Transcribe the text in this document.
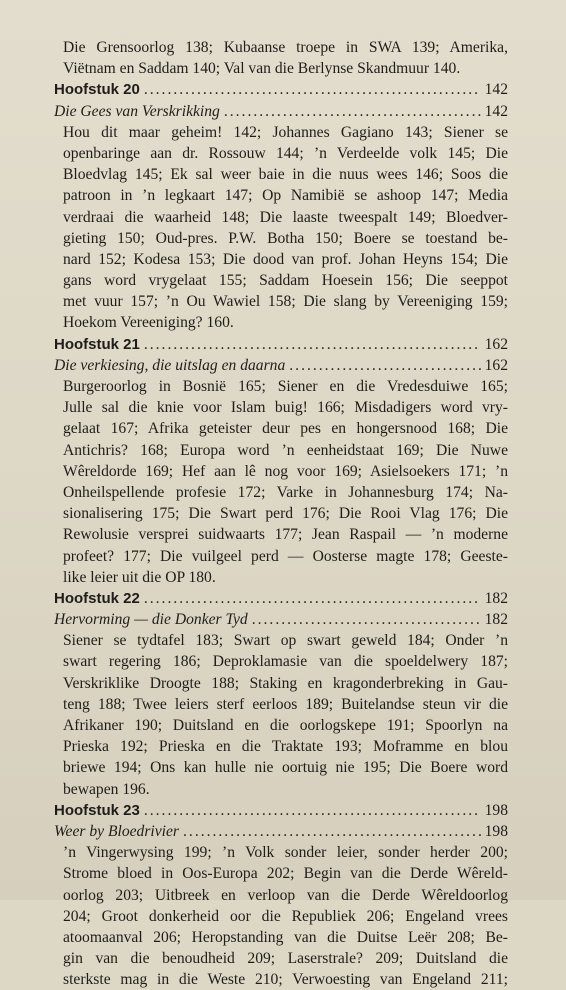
Die Grensoorlog 138; Kubaanse troepe in SWA 139; Amerika,
Viëtnam en Saddam 140; Val van die Berlynse Skandmuur 140.
Hoofstuk 20 .....	142
Die Gees van Verskrikking .....	142
Hou dit maar geheim! 142; Johannes Gagiano 143; Siener se
openbaringe aan dr. Rossouw 144; ’n Verdeelde volk 145; Die
Bloedvlag 145; Ek sal weer baie in die nuus wees 146; Soos die
patroon in ’n legkaart 147; Op Namibië se ashoop 147; Media
verdraai die waarheid 148; Die laaste tweespalt 149; Bloedver-
gieting 150; Oud-pres. P.W. Botha 150; Boere se toestand be-
nard 152; Kodesa 153; Die dood van prof. Johan Heyns 154; Die
gans word vrygelaat 155; Saddam Hoesein 156; Die seeppot
met vuur 157; ’n Ou Wawiel 158; Die slang by Vereeniging 159;
Hoekom Vereeniging? 160.
Hoofstuk 21 .....	162
Die verkiesing, die uitslag en daarna .....	162
Burgeroorlog in Bosnië 165; Siener en die Vredesduiwe 165;
Julle sal die knie voor Islam buig! 166; Misdadigers word vry-
gelaat 167; Afrika geteister deur pes en hongersnood 168; Die
Antichris? 168; Europa word ’n eenheidstaat 169; Die Nuwe
Wêreldorde 169; Hef aan lê nog voor 169; Asielsoekers 171; ’n
Onheilspellende profesie 172; Varke in Johannesburg 174; Na-
sionalisering 175; Die Swart perd 176; Die Rooi Vlag 176; Die
Rewolusie versprei suidwaarts 177; Jean Raspail — ’n moderne
profeet? 177; Die vuilgeel perd — Oosterse magte 178; Geeste-
like leier uit die OP 180.
Hoofstuk 22 .....	182
Hervorming — die Donker Tyd .....	182
Siener se tydtafel 183; Swart op swart geweld 184; Onder ’n
swart regering 186; Deproklamasie van die spoeldelwery 187;
Verskriklike Droogte 188; Staking en kragonderbreking in Gau-
teng 188; Twee leiers sterf eerloos 189; Buitelandse steun vir die
Afrikaner 190; Duitsland en die oorlogskepe 191; Spoorlyn na
Prieska 192; Prieska en die Traktate 193; Moframme en blou
briewe 194; Ons kan hulle nie oortuig nie 195; Die Boere word
bewapen 196.
Hoofstuk 23 .....	198
Weer by Bloedrivier .....	198
’n Vingerwysing 199; ’n Volk sonder leier, sonder herder 200;
Strome bloed in Oos-Europa 202; Begin van die Derde Wêreld-
oorlog 203; Uitbreek en verloop van die Derde Wêreldoorlog
204; Groot donkerheid oor die Republiek 206; Engeland vrees
atoomaanval 206; Heropstanding van die Duitse Leër 208; Be-
gin van die benoudheid 209; Laserstrale? 209; Duitsland die
sterkste mag in die Weste 210; Verwoesting van Engeland 211;
